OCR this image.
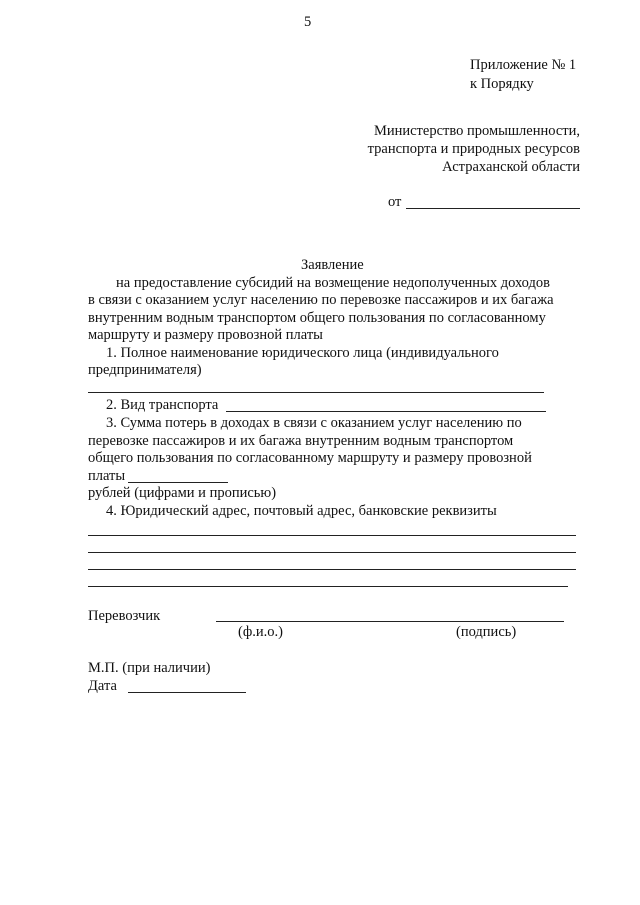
5
Приложение № 1
к Порядку
Министерство промышленности,
транспорта и природных ресурсов
Астраханской области
от
Заявление
на предоставление субсидий на возмещение недополученных доходов
в связи с оказанием услуг населению по перевозке пассажиров и их багажа
внутренним водным транспортом общего пользования по согласованному
маршруту и размеру провозной платы
1. Полное наименование юридического лица (индивидуального
предпринимателя)
2. Вид транспорта
3. Сумма потерь в доходах в связи с оказанием услуг населению по
перевозке пассажиров и их багажа внутренним водным транспортом
общего пользования по согласованному маршруту и размеру провозной
платы
рублей (цифрами и прописью)
4. Юридический адрес, почтовый адрес, банковские реквизиты
Перевозчик
(ф.и.о.)	(подпись)
М.П. (при наличии)
Дата
